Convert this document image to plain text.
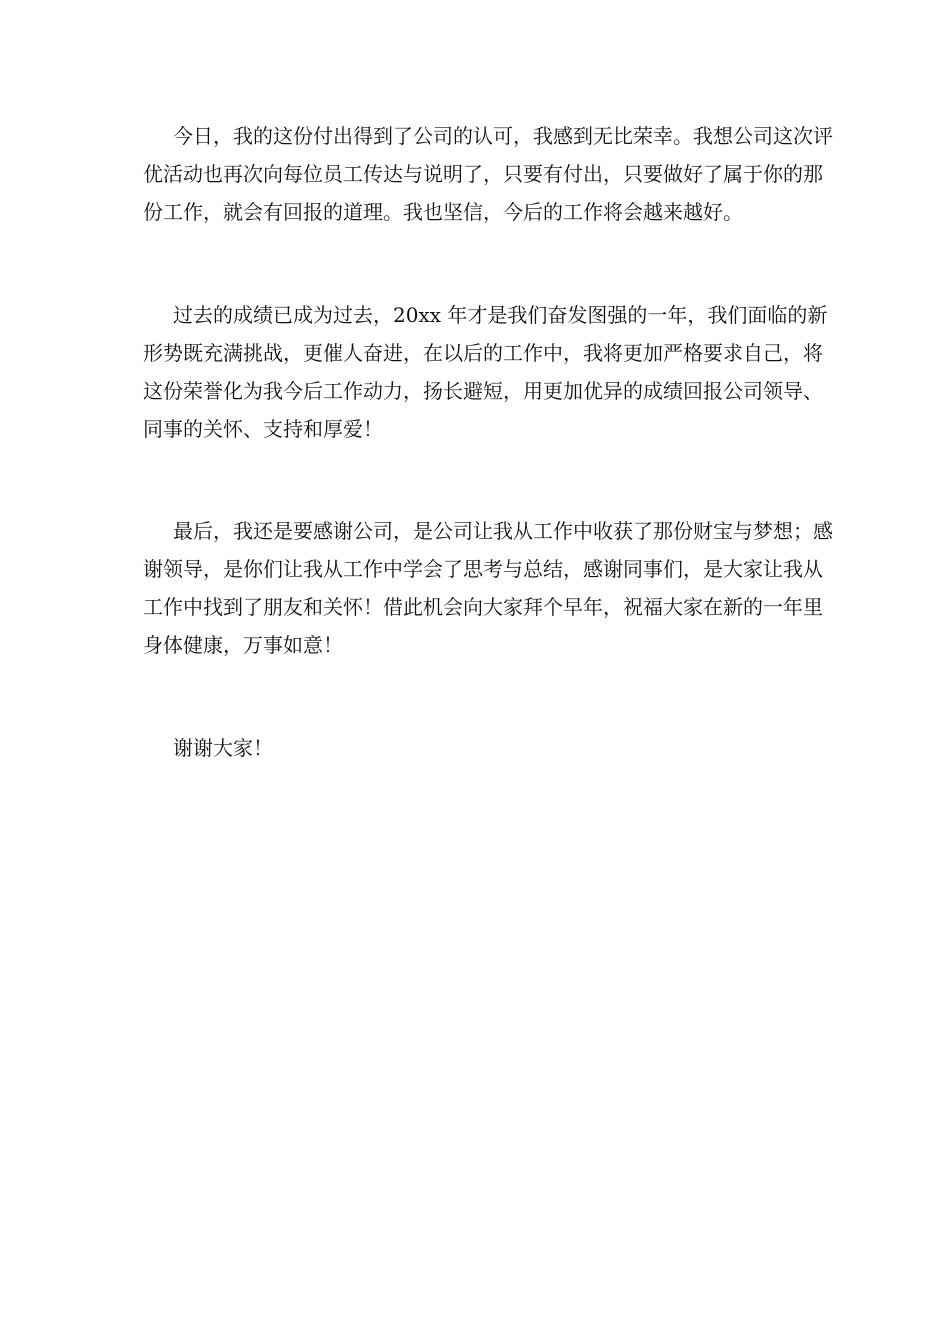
今日，我的这份付出得到了公司的认可，我感到无比荣幸。我想公司这次评
优活动也再次向每位员工传达与说明了，只要有付出，只要做好了属于你的那
份工作，就会有回报的道理。我也坚信，今后的工作将会越来越好。
过去的成绩已成为过去，20xx 年才是我们奋发图强的一年，我们面临的新
形势既充满挑战，更催人奋进，在以后的工作中，我将更加严格要求自己，将
这份荣誉化为我今后工作动力，扬长避短，用更加优异的成绩回报公司领导、
同事的关怀、支持和厚爱！
最后，我还是要感谢公司，是公司让我从工作中收获了那份财宝与梦想；感
谢领导，是你们让我从工作中学会了思考与总结，感谢同事们，是大家让我从
工作中找到了朋友和关怀！借此机会向大家拜个早年，祝福大家在新的一年里
身体健康，万事如意！
谢谢大家！
